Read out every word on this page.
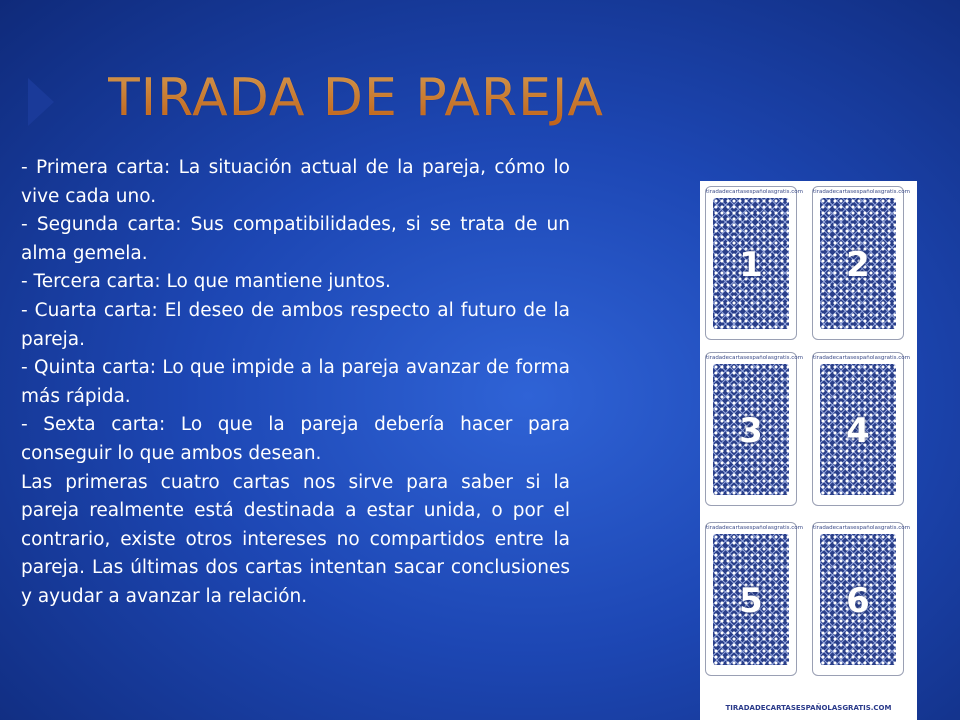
TIRADA DE PAREJA

- Primera carta: La situación actual de la pareja, cómo lo vive cada uno.

- Segunda carta: Sus compatibilidades, si se trata de un alma gemela.

- Tercera carta: Lo que mantiene juntos.

- Cuarta carta: El deseo de ambos respecto al futuro de la pareja.

- Quinta carta: Lo que impide a la pareja avanzar de forma más rápida.

- Sexta carta: Lo que la pareja debería hacer para conseguir lo que ambos desean.

Las primeras cuatro cartas nos sirve para saber si la pareja realmente está destinada a estar unida, o por el contrario, existe otros intereses no compartidos entre la pareja. Las últimas dos cartas intentan sacar conclusiones y ayudar a avanzar la relación.

tiradadecartasespañolasgratis.com
1
tiradadecartasespañolasgratis.com
2
tiradadecartasespañolasgratis.com
3
tiradadecartasespañolasgratis.com
4
tiradadecartasespañolasgratis.com
5
tiradadecartasespañolasgratis.com
6
TIRADADECARTASESPAÑOLASGRATIS.COM
